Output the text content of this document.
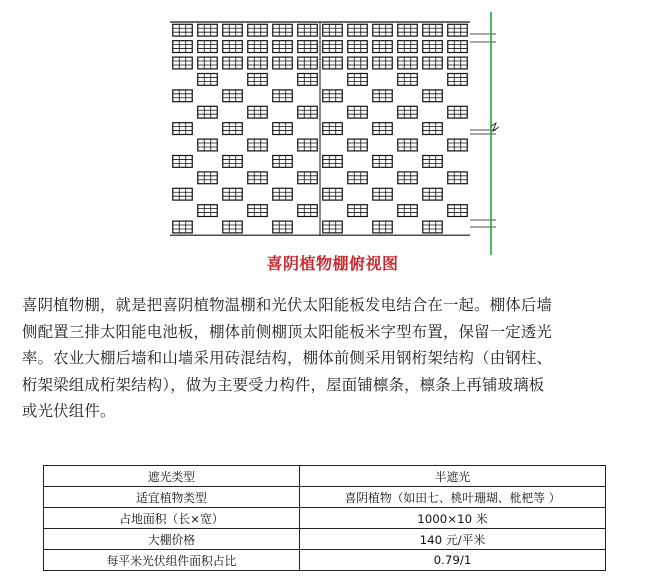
喜阴植物棚俯视图
喜阴植物棚，就是把喜阴植物温棚和光伏太阳能板发电结合在一起。棚体后墙
侧配置三排太阳能电池板，棚体前侧棚顶太阳能板米字型布置，保留一定透光
率。农业大棚后墙和山墙采用砖混结构，棚体前侧采用钢桁架结构（由钢柱、
桁架梁组成桁架结构），做为主要受力构件，屋面铺檩条，檩条上再铺玻璃板
或光伏组件。
遮光类型	半遮光
适宜植物类型	喜阴植物（如田七、桃叶珊瑚、枇杷等 ）
占地面积（长×宽）	1000×10 米
大棚价格	140 元/平米
每平米光伏组件面积占比	0.79/1
